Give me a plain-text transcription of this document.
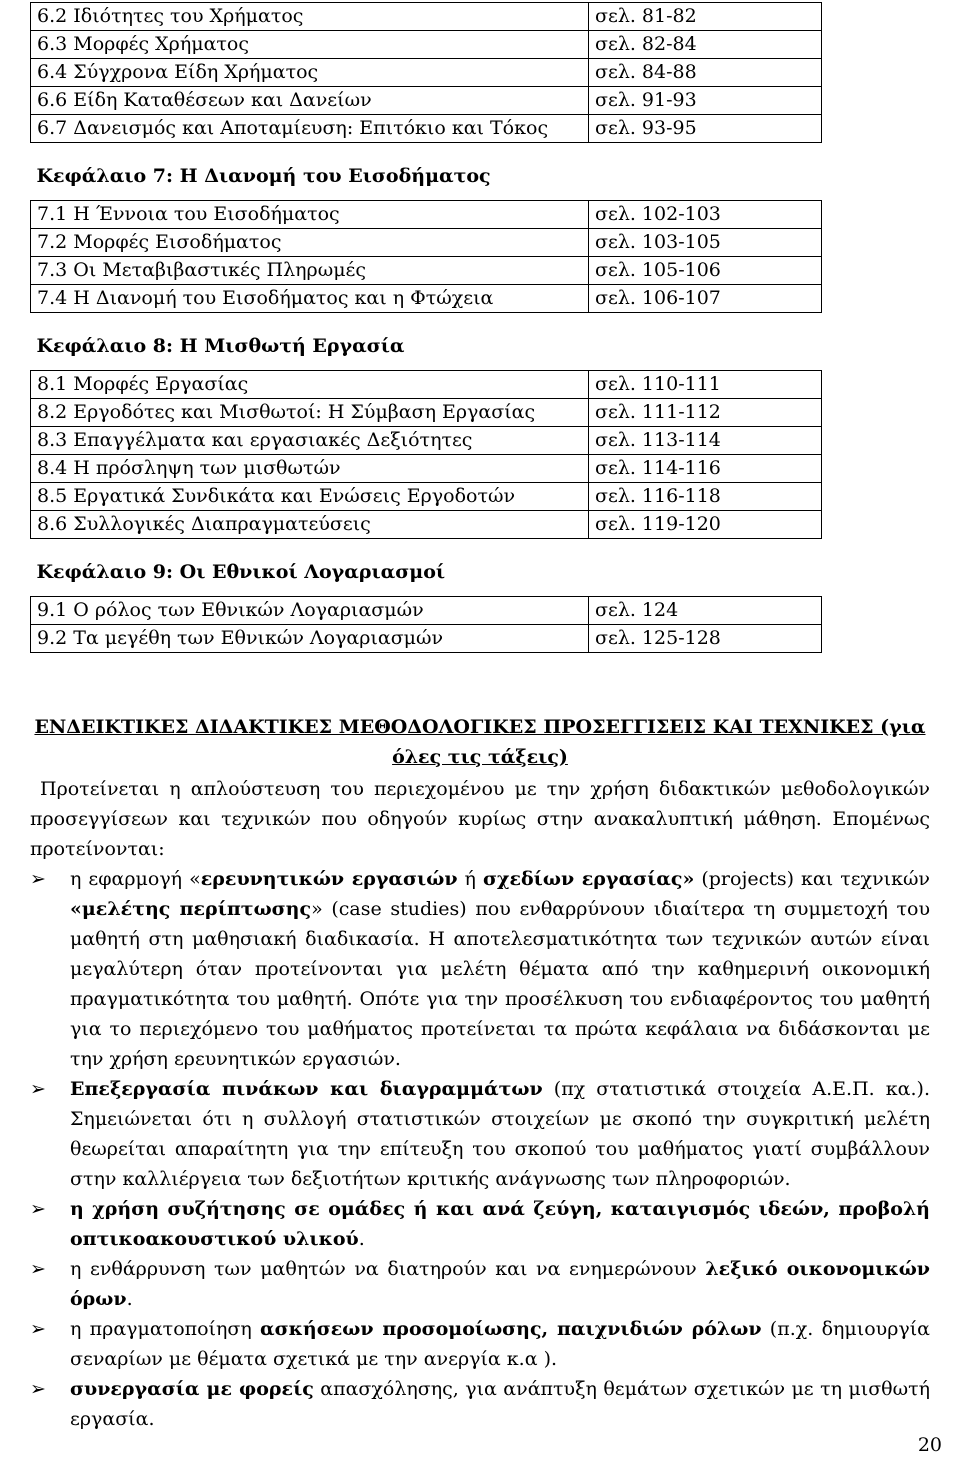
6.2 Ιδιότητες του Χρήματος	σελ. 81-82
6.3 Μορφές Χρήματος	σελ. 82-84
6.4 Σύγχρονα Είδη Χρήματος	σελ. 84-88
6.6 Είδη Καταθέσεων και Δανείων	σελ. 91-93
6.7 Δανεισμός και Αποταμίευση: Επιτόκιο και Τόκος	σελ. 93-95
Κεφάλαιο 7: Η Διανομή του Εισοδήματος	
7.1 Η Έννοια του Εισοδήματος	σελ. 102-103
7.2 Μορφές Εισοδήματος	σελ. 103-105
7.3 Οι Μεταβιβαστικές Πληρωμές	σελ. 105-106
7.4 Η Διανομή του Εισοδήματος και η Φτώχεια	σελ. 106-107
Κεφάλαιο 8: Η Μισθωτή Εργασία	
8.1 Μορφές Εργασίας	σελ. 110-111
8.2 Εργοδότες και Μισθωτοί: Η Σύμβαση Εργασίας	σελ. 111-112
8.3 Επαγγέλματα και εργασιακές Δεξιότητες	σελ. 113-114
8.4 Η πρόσληψη των μισθωτών	σελ. 114-116
8.5 Εργατικά Συνδικάτα και Ενώσεις Εργοδοτών	σελ. 116-118
8.6 Συλλογικές Διαπραγματεύσεις	σελ. 119-120
Κεφάλαιο 9: Οι Εθνικοί Λογαριασμοί	
9.1 Ο ρόλος των Εθνικών Λογαριασμών	σελ. 124
9.2 Τα μεγέθη των Εθνικών Λογαριασμών	σελ. 125-128

ΕΝΔΕΙΚΤΙΚΕΣ ΔΙΔΑΚΤΙΚΕΣ ΜΕΘΟΔΟΛΟΓΙΚΕΣ ΠΡΟΣΕΓΓΙΣΕΙΣ ΚΑΙ ΤΕΧΝΙΚΕΣ (για όλες τις τάξεις)

Προτείνεται η απλούστευση του περιεχομένου με την χρήση διδακτικών μεθοδολογικών προσεγγίσεων και τεχνικών που οδηγούν κυρίως στην ανακαλυπτική μάθηση. Επομένως προτείνονται:

➢ η εφαρμογή «ερευνητικών εργασιών ή σχεδίων εργασίας» (projects) και τεχνικών «μελέτης περίπτωσης» (case studies) που ενθαρρύνουν ιδιαίτερα τη συμμετοχή του μαθητή στη μαθησιακή διαδικασία. Η αποτελεσματικότητα των τεχνικών αυτών είναι μεγαλύτερη όταν προτείνονται για μελέτη θέματα από την καθημερινή οικονομική πραγματικότητα του μαθητή. Οπότε για την προσέλκυση του ενδιαφέροντος του μαθητή για το περιεχόμενο του μαθήματος προτείνεται τα πρώτα κεφάλαια να διδάσκονται με την χρήση ερευνητικών εργασιών.
➢ Επεξεργασία πινάκων και διαγραμμάτων (πχ στατιστικά στοιχεία Α.Ε.Π. κα.). Σημειώνεται ότι η συλλογή στατιστικών στοιχείων με σκοπό την συγκριτική μελέτη θεωρείται απαραίτητη για την επίτευξη του σκοπού του μαθήματος γιατί συμβάλλουν στην καλλιέργεια των δεξιοτήτων κριτικής ανάγνωσης των πληροφοριών.
➢ η χρήση συζήτησης σε ομάδες ή και ανά ζεύγη, καταιγισμός ιδεών, προβολή οπτικοακουστικού υλικού.
➢ η ενθάρρυνση των μαθητών να διατηρούν και να ενημερώνουν λεξικό οικονομικών όρων.
➢ η πραγματοποίηση ασκήσεων προσομοίωσης, παιχνιδιών ρόλων (π.χ. δημιουργία σεναρίων με θέματα σχετικά με την ανεργία κ.α ).
➢ συνεργασία με φορείς απασχόλησης, για ανάπτυξη θεμάτων σχετικών με τη μισθωτή εργασία.
20
